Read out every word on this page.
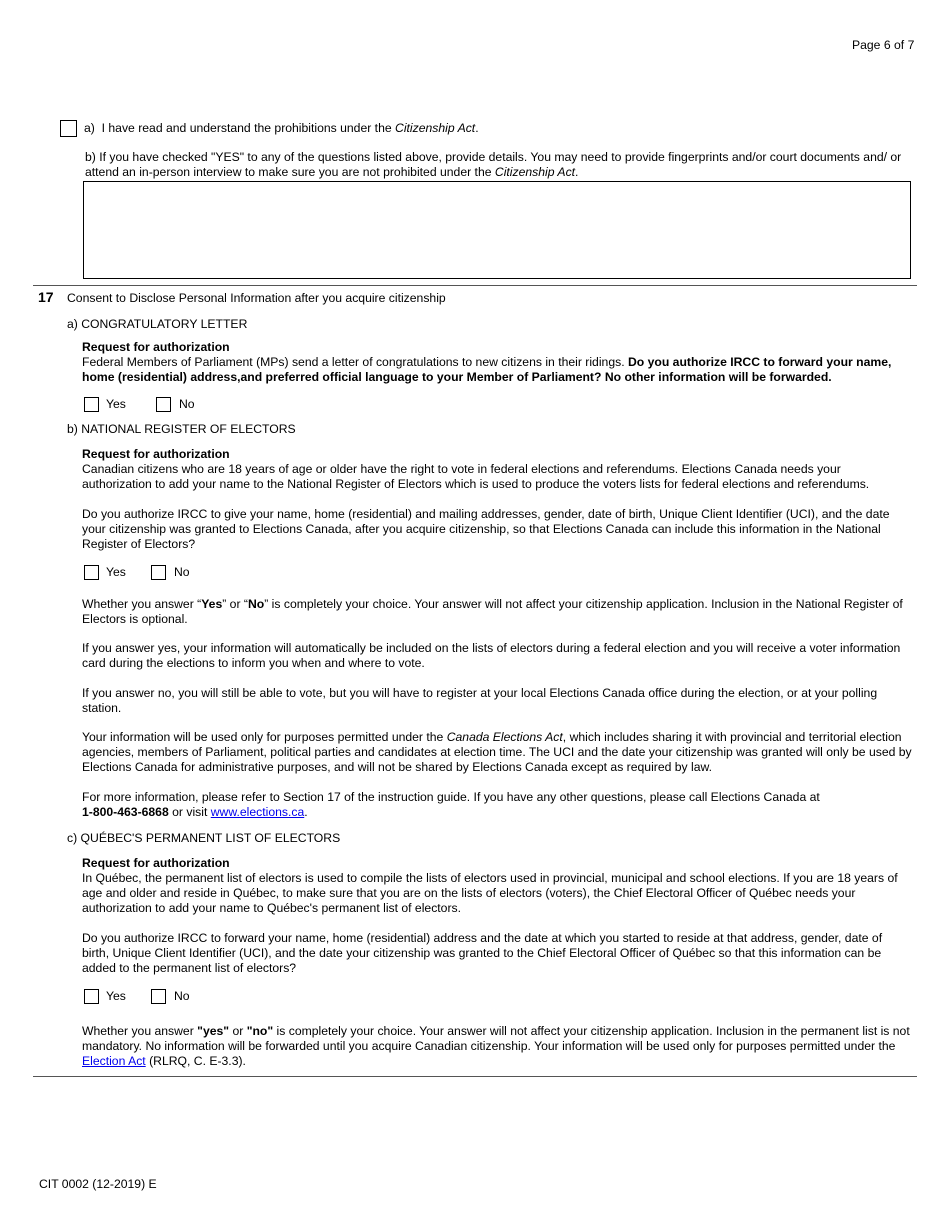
Page 6 of 7
a) I have read and understand the prohibitions under the Citizenship Act.
b) If you have checked "YES" to any of the questions listed above, provide details. You may need to provide fingerprints and/or court documents and/ or attend an in-person interview to make sure you are not prohibited under the Citizenship Act.
17 Consent to Disclose Personal Information after you acquire citizenship
a) CONGRATULATORY LETTER
Request for authorization
Federal Members of Parliament (MPs) send a letter of congratulations to new citizens in their ridings. Do you authorize IRCC to forward your name, home (residential) address,and preferred official language to your Member of Parliament? No other information will be forwarded.
Yes	No
b) NATIONAL REGISTER OF ELECTORS
Request for authorization
Canadian citizens who are 18 years of age or older have the right to vote in federal elections and referendums. Elections Canada needs your authorization to add your name to the National Register of Electors which is used to produce the voters lists for federal elections and referendums.
Do you authorize IRCC to give your name, home (residential) and mailing addresses, gender, date of birth, Unique Client Identifier (UCI), and the date your citizenship was granted to Elections Canada, after you acquire citizenship, so that Elections Canada can include this information in the National Register of Electors?
Yes	No
Whether you answer “Yes” or “No” is completely your choice. Your answer will not affect your citizenship application. Inclusion in the National Register of Electors is optional.
If you answer yes, your information will automatically be included on the lists of electors during a federal election and you will receive a voter information card during the elections to inform you when and where to vote.
If you answer no, you will still be able to vote, but you will have to register at your local Elections Canada office during the election, or at your polling station.
Your information will be used only for purposes permitted under the Canada Elections Act, which includes sharing it with provincial and territorial election agencies, members of Parliament, political parties and candidates at election time. The UCI and the date your citizenship was granted will only be used by Elections Canada for administrative purposes, and will not be shared by Elections Canada except as required by law.
For more information, please refer to Section 17 of the instruction guide. If you have any other questions, please call Elections Canada at
1-800-463-6868 or visit www.elections.ca.
c) QUÉBEC'S PERMANENT LIST OF ELECTORS
Request for authorization
In Québec, the permanent list of electors is used to compile the lists of electors used in provincial, municipal and school elections. If you are 18 years of age and older and reside in Québec, to make sure that you are on the lists of electors (voters), the Chief Electoral Officer of Québec needs your authorization to add your name to Québec's permanent list of electors.
Do you authorize IRCC to forward your name, home (residential) address and the date at which you started to reside at that address, gender, date of birth, Unique Client Identifier (UCI), and the date your citizenship was granted to the Chief Electoral Officer of Québec so that this information can be added to the permanent list of electors?
Yes	No
Whether you answer "yes" or "no" is completely your choice. Your answer will not affect your citizenship application. Inclusion in the permanent list is not mandatory. No information will be forwarded until you acquire Canadian citizenship. Your information will be used only for purposes permitted under the  Election Act (RLRQ, C. E-3.3).
CIT 0002 (12-2019) E
